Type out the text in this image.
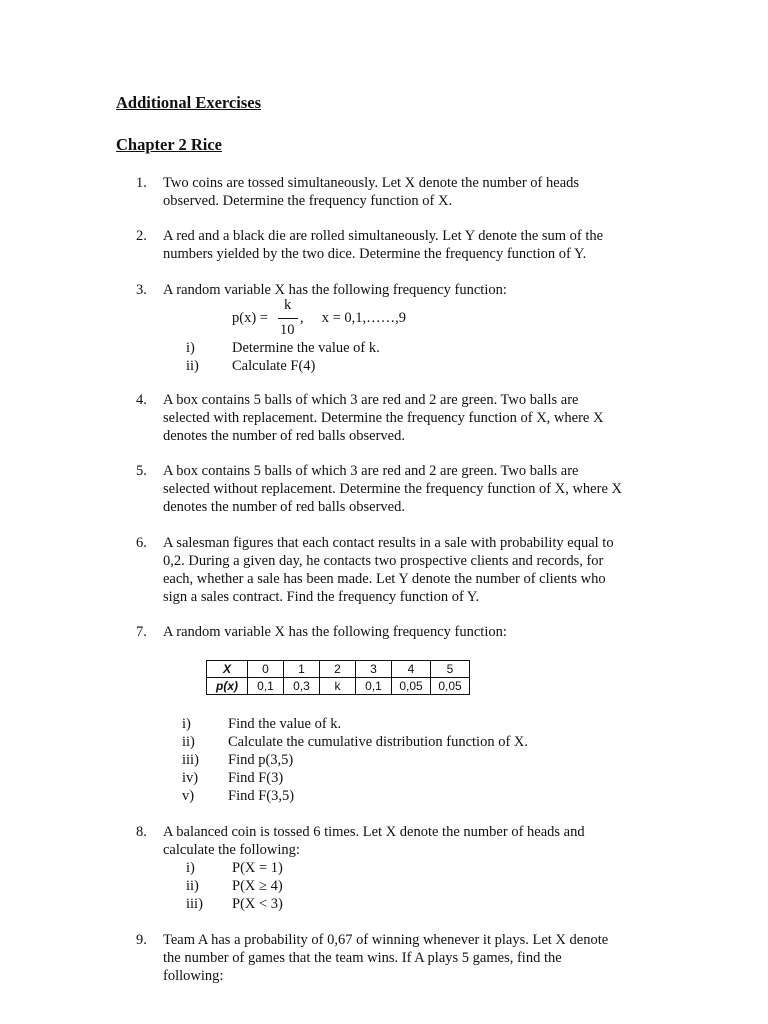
Additional Exercises
Chapter 2 Rice
1. Two coins are tossed simultaneously. Let X denote the number of heads
observed. Determine the frequency function of X.
2. A red and a black die are rolled simultaneously. Let Y denote the sum of the
numbers yielded by the two dice. Determine the frequency function of Y.
3. A random variable X has the following frequency function:
p(x) =
k
10
,     x = 0,1,……,9
i)	Determine the value of k.
ii) Calculate F(4)
4. A box contains 5 balls of which 3 are red and 2 are green. Two balls are
selected with replacement. Determine the frequency function of X, where X
denotes the number of red balls observed.
5. A box contains 5 balls of which 3 are red and 2 are green. Two balls are
selected without replacement. Determine the frequency function of X, where X
denotes the number of red balls observed.
6. A salesman figures that each contact results in a sale with probability equal to
0,2. During a given day, he contacts two prospective clients and records, for
each, whether a sale has been made. Let Y denote the number of clients who
sign a sales contract. Find the frequency function of Y.
7. A random variable X has the following frequency function:
X	0	1	2	3	4	5
p(x)	0,1	0,3	k	0,1	0,05	0,05
i)	Find the value of k.
ii) Calculate the cumulative distribution function of X.
iii) Find p(3,5)
iv) Find F(3)
v) Find F(3,5)
8. A balanced coin is tossed 6 times. Let X denote the number of heads and
calculate the following:
i)	P(X = 1)
ii) P(X ≥ 4)
iii) P(X < 3)
9. Team A has a probability of 0,67 of winning whenever it plays. Let X denote
the number of games that the team wins. If A plays 5 games, find the
following:
